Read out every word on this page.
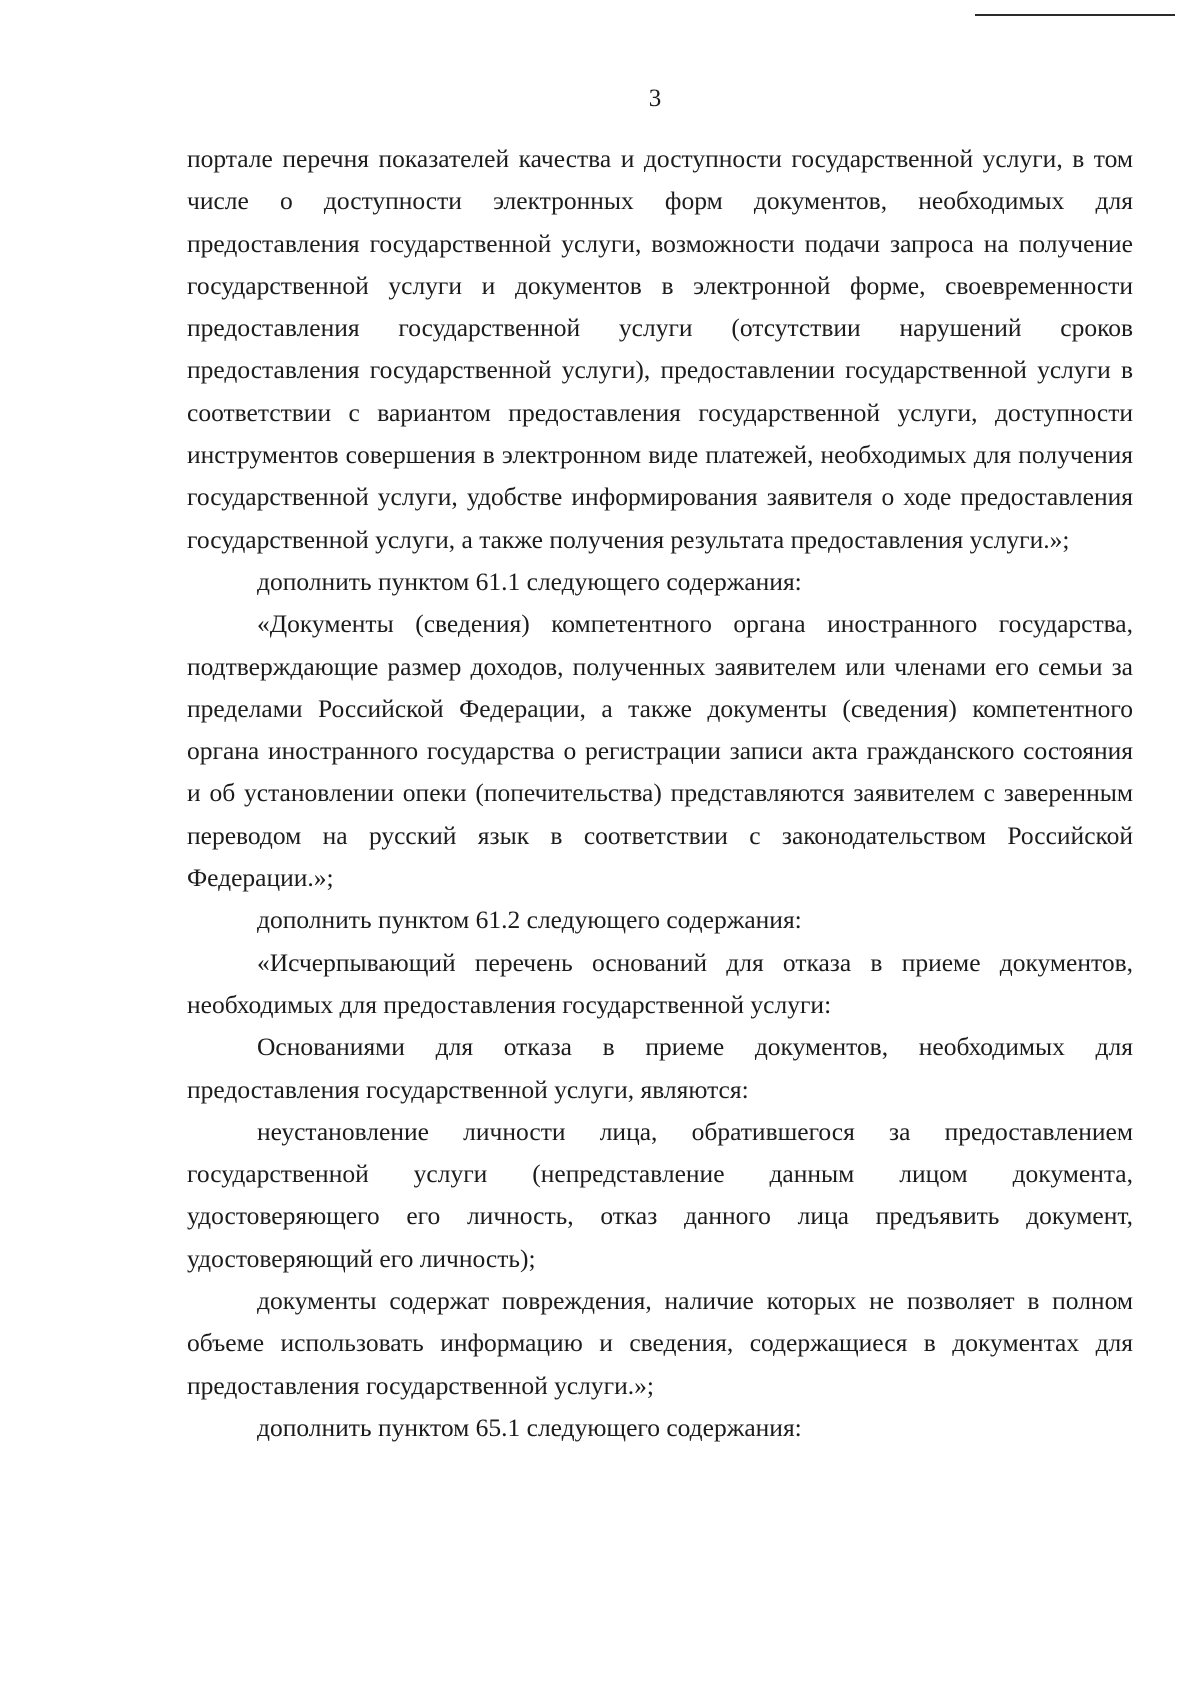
3

портале перечня показателей качества и доступности государственной услуги, в том числе о доступности электронных форм документов, необходимых для предоставления государственной услуги, возможности подачи запроса на получение государственной услуги и документов в электронной форме, своевременности предоставления государственной услуги (отсутствии нарушений сроков предоставления государственной услуги), предоставлении государственной услуги в соответствии с вариантом предоставления государственной услуги, доступности инструментов совершения в электронном виде платежей, необходимых для получения государственной услуги, удобстве информирования заявителя о ходе предоставления государственной услуги, а также получения результата предоставления услуги.»;

дополнить пунктом 61.1 следующего содержания:

«Документы (сведения) компетентного органа иностранного государства, подтверждающие размер доходов, полученных заявителем или членами его семьи за пределами Российской Федерации, а также документы (сведения) компетентного органа иностранного государства о регистрации записи акта гражданского состояния и об установлении опеки (попечительства) представляются заявителем с заверенным переводом на русский язык в соответствии с законодательством Российской Федерации.»;

дополнить пунктом 61.2 следующего содержания:

«Исчерпывающий перечень оснований для отказа в приеме документов, необходимых для предоставления государственной услуги:

Основаниями для отказа в приеме документов, необходимых для предоставления государственной услуги, являются:

неустановление личности лица, обратившегося за предоставлением государственной услуги (непредставление данным лицом документа, удостоверяющего его личность, отказ данного лица предъявить документ, удостоверяющий его личность);

документы содержат повреждения, наличие которых не позволяет в полном объеме использовать информацию и сведения, содержащиеся в документах для предоставления государственной услуги.»;

дополнить пунктом 65.1 следующего содержания:
